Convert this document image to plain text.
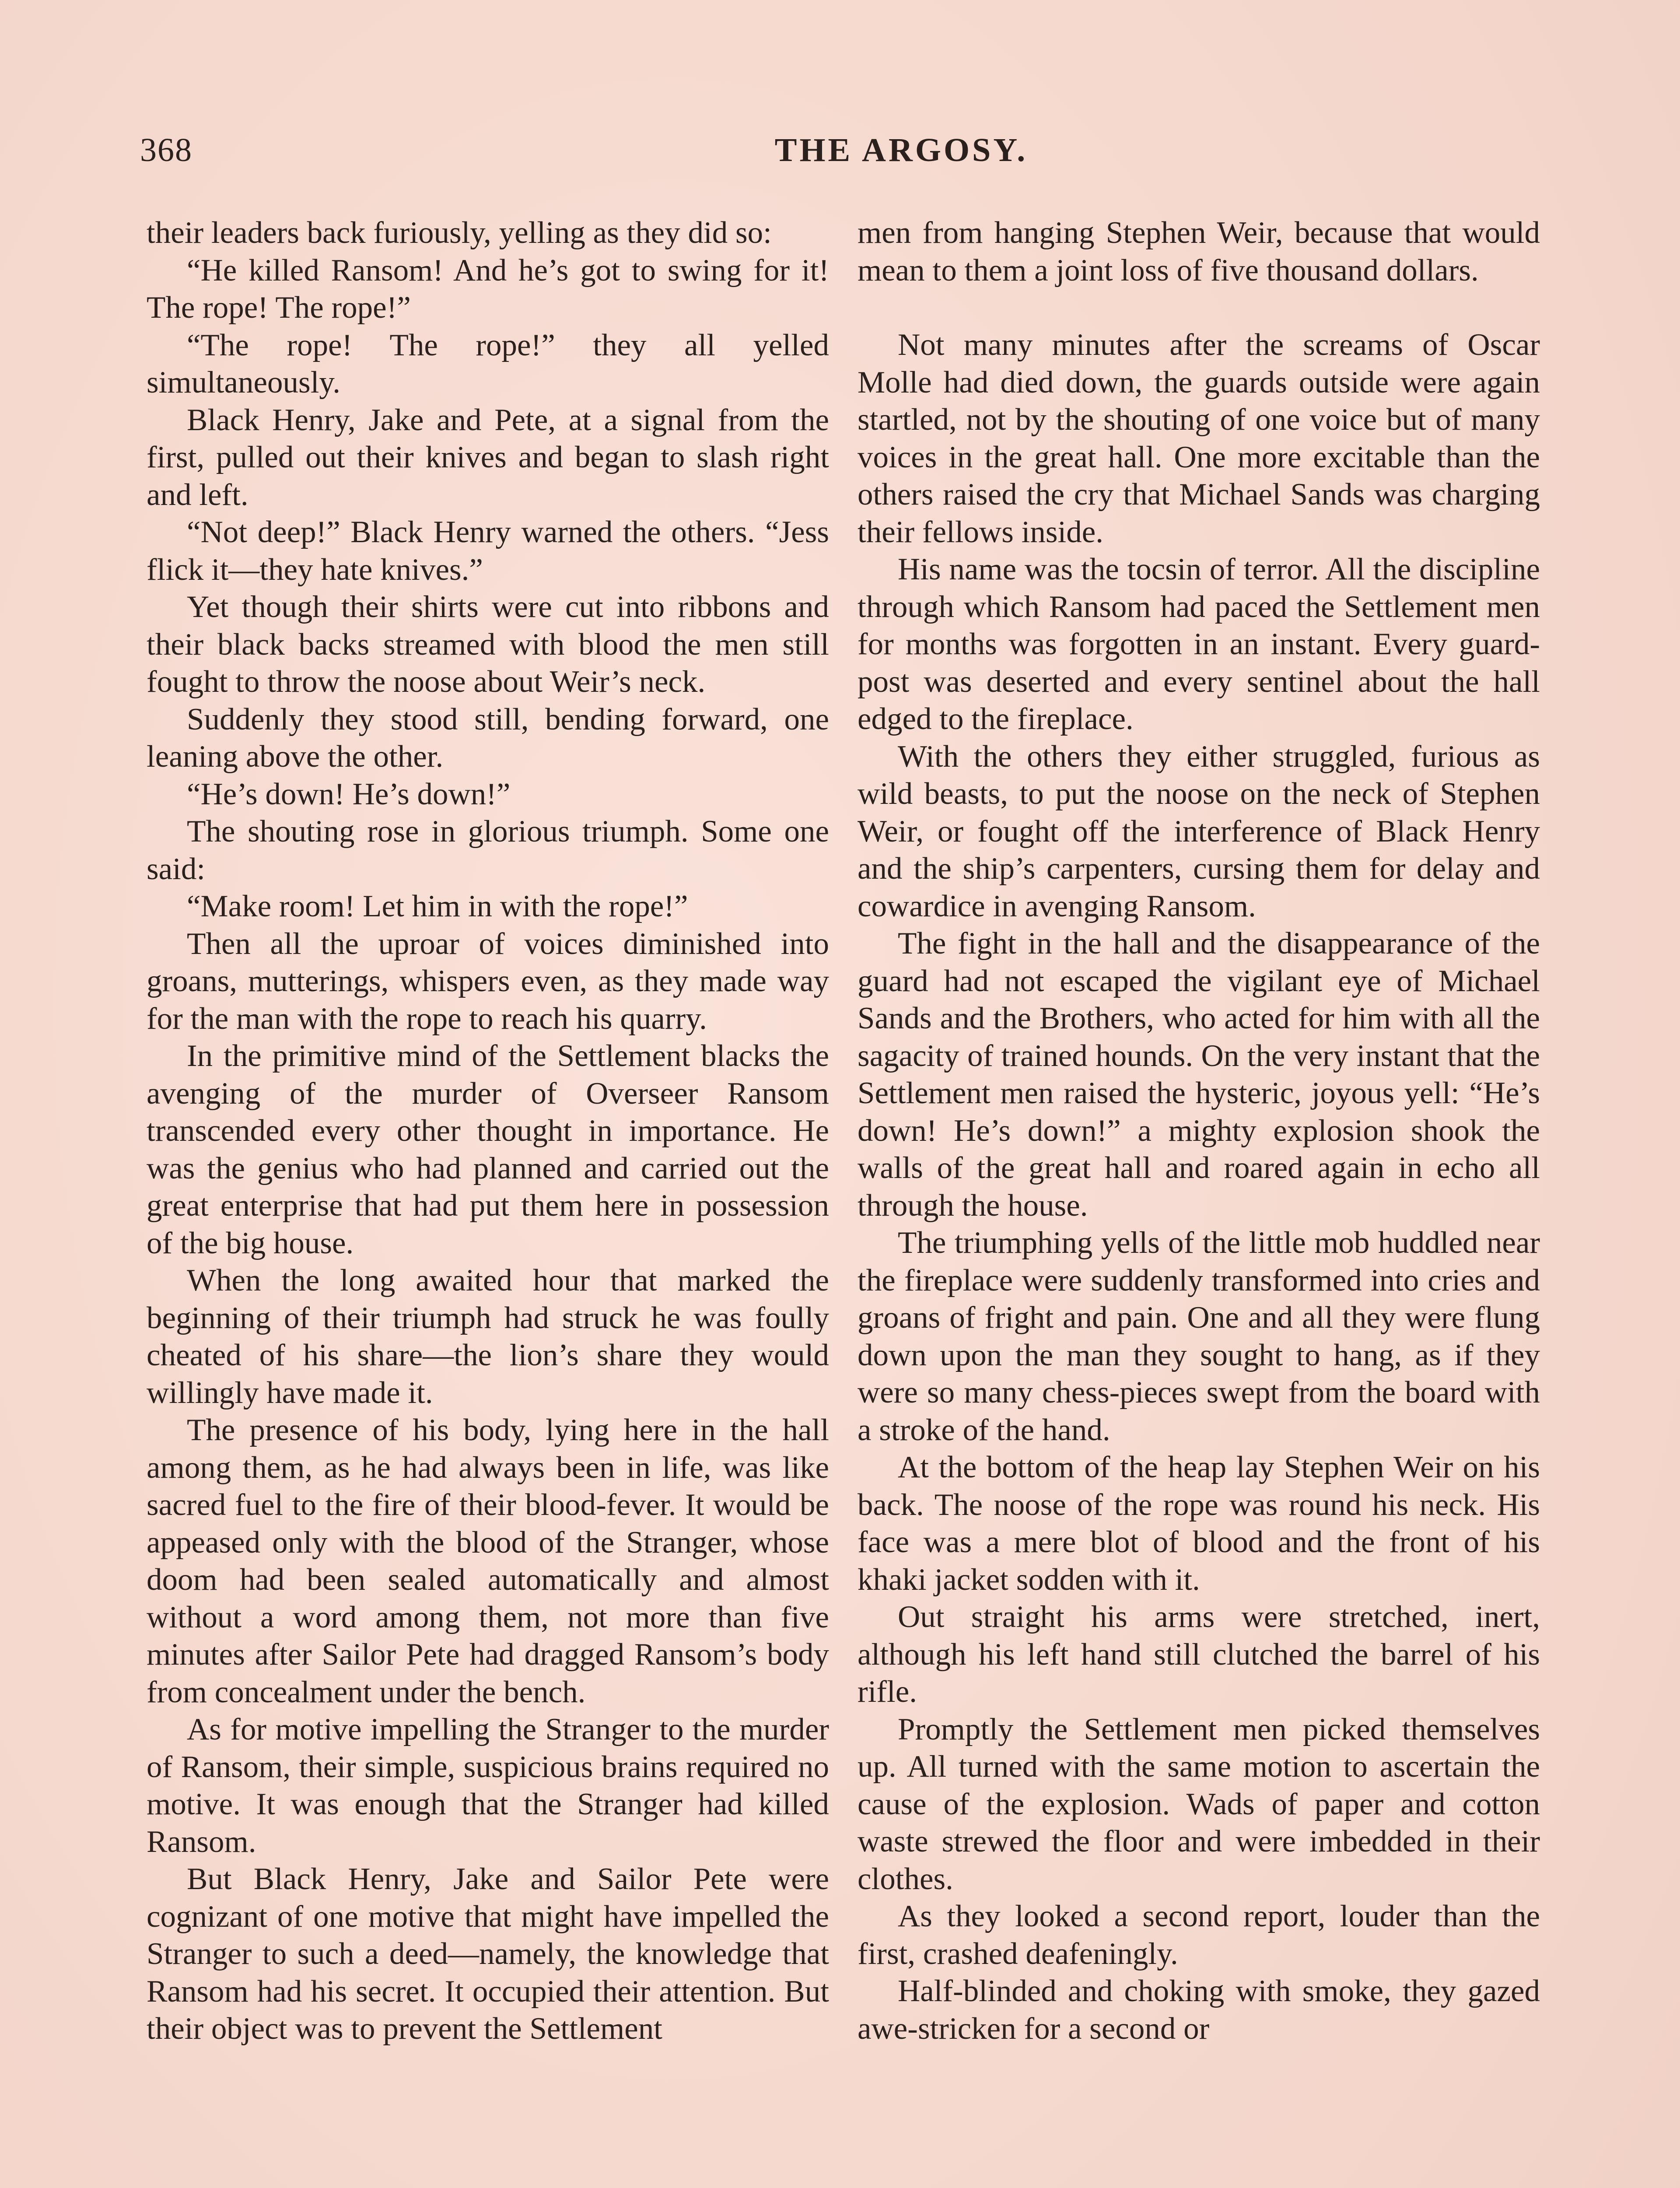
368	THE ARGOSY.

their leaders back furiously, yelling as they did so:

“He killed Ransom! And he’s got to swing for it! The rope! The rope!”

“The rope! The rope!” they all yelled simultaneously.

Black Henry, Jake and Pete, at a signal from the first, pulled out their knives and began to slash right and left.

“Not deep!” Black Henry warned the others. “Jess flick it—they hate knives.”

Yet though their shirts were cut into ribbons and their black backs streamed with blood the men still fought to throw the noose about Weir’s neck.

Suddenly they stood still, bending forward, one leaning above the other.

“He’s down! He’s down!”

The shouting rose in glorious triumph. Some one said:

“Make room! Let him in with the rope!”

Then all the uproar of voices diminished into groans, mutterings, whispers even, as they made way for the man with the rope to reach his quarry.

In the primitive mind of the Settlement blacks the avenging of the murder of Overseer Ransom transcended every other thought in importance. He was the genius who had planned and carried out the great enterprise that had put them here in possession of the big house.

When the long awaited hour that marked the beginning of their triumph had struck he was foully cheated of his share—the lion’s share they would willingly have made it.

The presence of his body, lying here in the hall among them, as he had always been in life, was like sacred fuel to the fire of their blood-fever. It would be appeased only with the blood of the Stranger, whose doom had been sealed automatically and almost without a word among them, not more than five minutes after Sailor Pete had dragged Ransom’s body from concealment under the bench.

As for motive impelling the Stranger to the murder of Ransom, their simple, suspicious brains required no motive. It was enough that the Stranger had killed Ransom.

But Black Henry, Jake and Sailor Pete were cognizant of one motive that might have impelled the Stranger to such a deed—namely, the knowledge that Ransom had his secret. It occupied their attention. But their object was to prevent the Settlement

men from hanging Stephen Weir, because that would mean to them a joint loss of five thousand dollars.

Not many minutes after the screams of Oscar Molle had died down, the guards outside were again startled, not by the shouting of one voice but of many voices in the great hall. One more excitable than the others raised the cry that Michael Sands was charging their fellows inside.

His name was the tocsin of terror. All the discipline through which Ransom had paced the Settlement men for months was forgotten in an instant. Every guard-post was deserted and every sentinel about the hall edged to the fireplace.

With the others they either struggled, furious as wild beasts, to put the noose on the neck of Stephen Weir, or fought off the interference of Black Henry and the ship’s carpenters, cursing them for delay and cowardice in avenging Ransom.

The fight in the hall and the disappearance of the guard had not escaped the vigilant eye of Michael Sands and the Brothers, who acted for him with all the sagacity of trained hounds. On the very instant that the Settlement men raised the hysteric, joyous yell: “He’s down! He’s down!” a mighty explosion shook the walls of the great hall and roared again in echo all through the house.

The triumphing yells of the little mob huddled near the fireplace were suddenly transformed into cries and groans of fright and pain. One and all they were flung down upon the man they sought to hang, as if they were so many chess-pieces swept from the board with a stroke of the hand.

At the bottom of the heap lay Stephen Weir on his back. The noose of the rope was round his neck. His face was a mere blot of blood and the front of his khaki jacket sodden with it.

Out straight his arms were stretched, inert, although his left hand still clutched the barrel of his rifle.

Promptly the Settlement men picked themselves up. All turned with the same motion to ascertain the cause of the explosion. Wads of paper and cotton waste strewed the floor and were imbedded in their clothes.

As they looked a second report, louder than the first, crashed deafeningly.

Half-blinded and choking with smoke, they gazed awe-stricken for a second or
